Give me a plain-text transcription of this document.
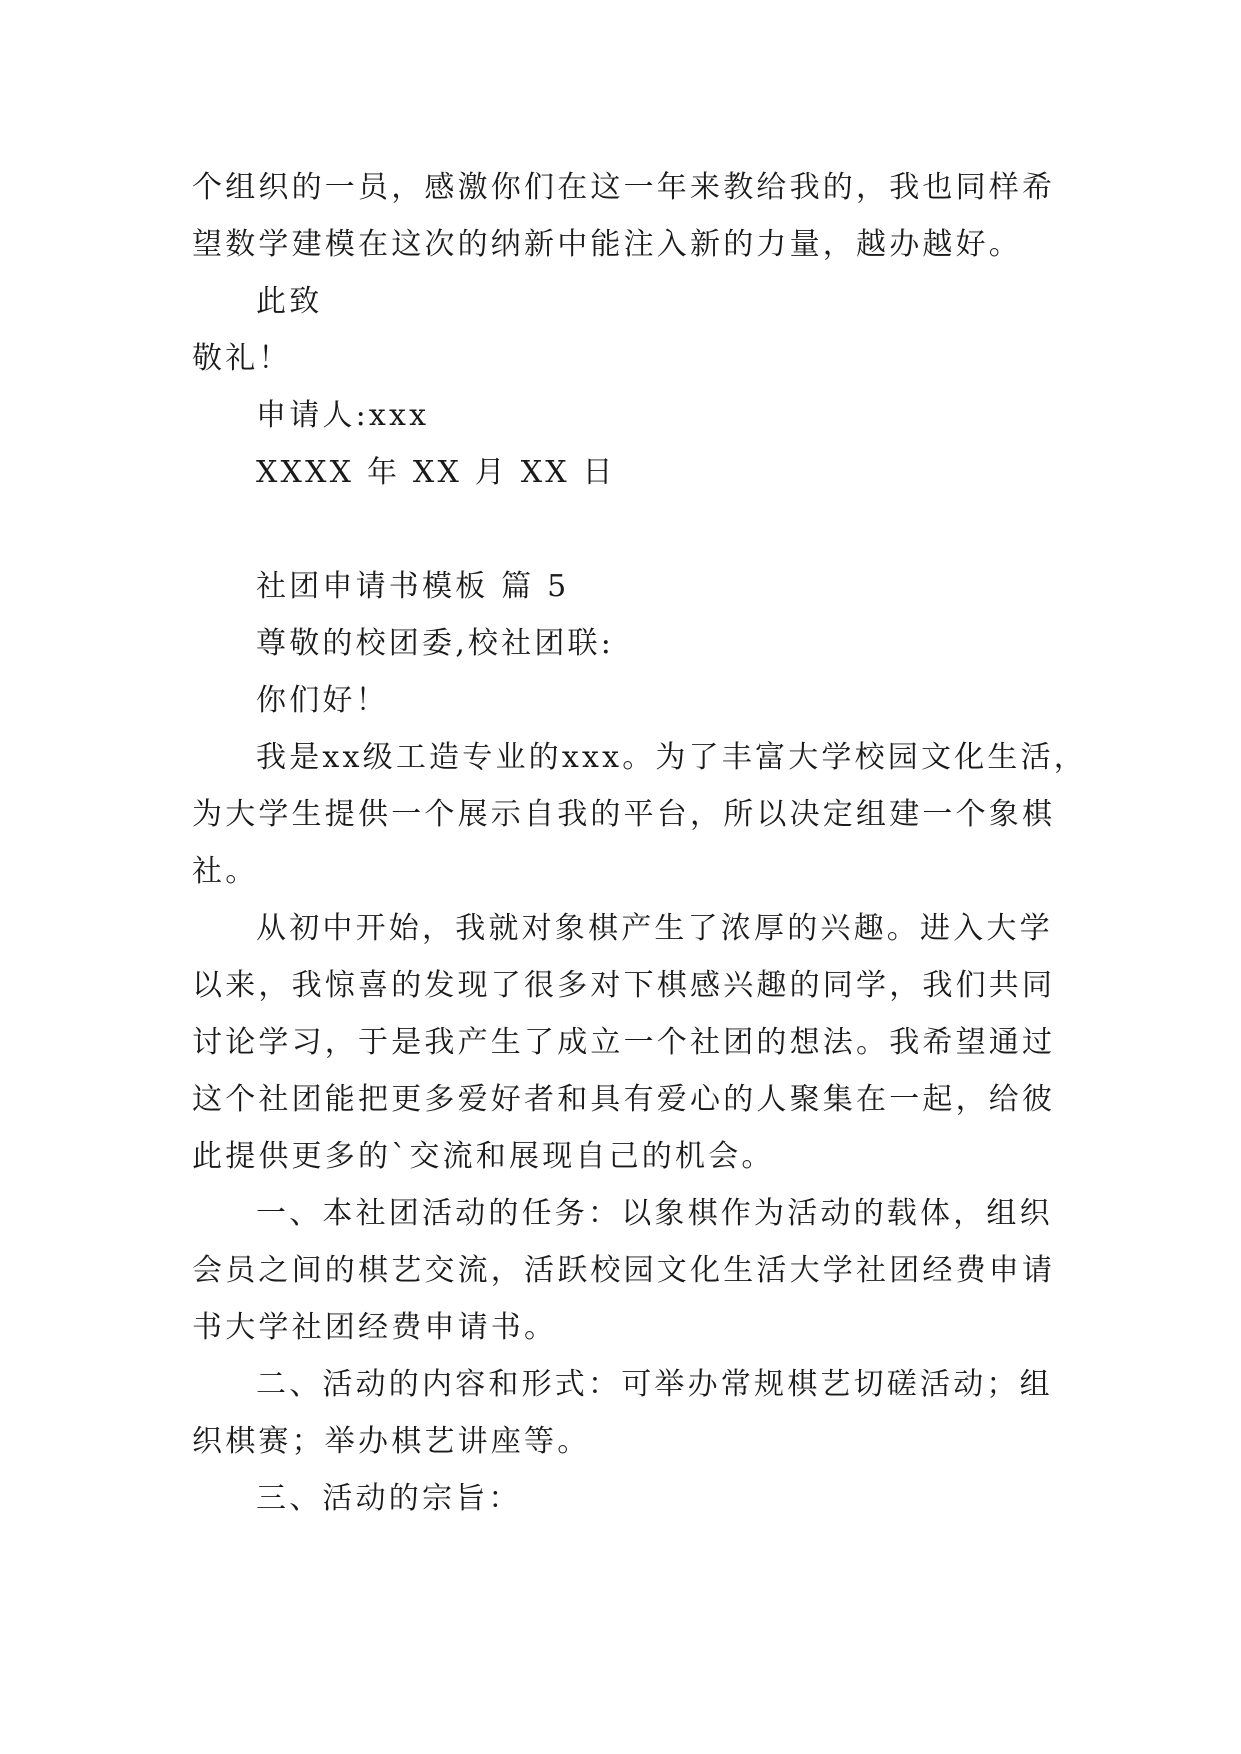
个组织的一员，感激你们在这一年来教给我的，我也同样希
望数学建模在这次的纳新中能注入新的力量，越办越好。
此致
敬礼！
申请人:xxx
XXXX 年 XX 月 XX 日
社团申请书模板 篇 5
尊敬的校团委,校社团联:
你们好！
我是xx级工造专业的xxx。为了丰富大学校园文化生活，
为大学生提供一个展示自我的平台，所以决定组建一个象棋
社。
从初中开始，我就对象棋产生了浓厚的兴趣。进入大学
以来，我惊喜的发现了很多对下棋感兴趣的同学，我们共同
讨论学习，于是我产生了成立一个社团的想法。我希望通过
这个社团能把更多爱好者和具有爱心的人聚集在一起，给彼
此提供更多的`交流和展现自己的机会。
一、本社团活动的任务：以象棋作为活动的载体，组织
会员之间的棋艺交流，活跃校园文化生活大学社团经费申请
书大学社团经费申请书。
二、活动的内容和形式：可举办常规棋艺切磋活动；组
织棋赛；举办棋艺讲座等。
三、活动的宗旨：
